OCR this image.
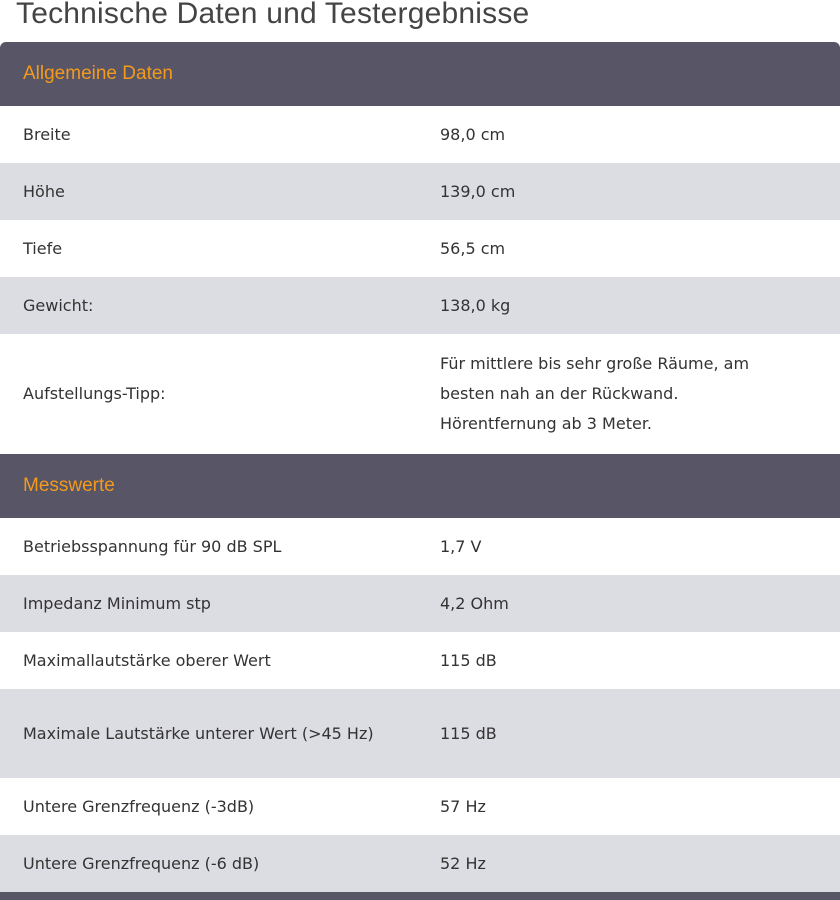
Technische Daten und Testergebnisse
Allgemeine Daten	
Breite	98,0 cm
Höhe	139,0 cm
Tiefe	56,5 cm
Gewicht:	138,0 kg
Aufstellungs-Tipp:	Für mittlere bis sehr große Räume, am besten nah an der Rückwand. Hörentfernung ab 3 Meter.
Messwerte	
Betriebsspannung für 90 dB SPL	1,7 V
Impedanz Minimum stp	4,2 Ohm
Maximallautstärke oberer Wert	115 dB
Maximale Lautstärke unterer Wert (>45 Hz)	115 dB
Untere Grenzfrequenz (-3dB)	57 Hz
Untere Grenzfrequenz (-6 dB)	52 Hz
